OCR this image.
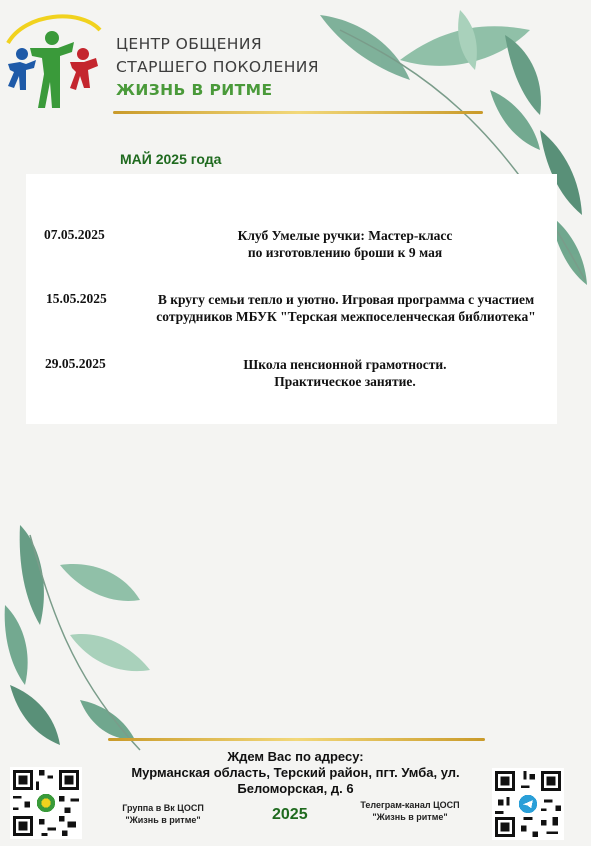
ЦЕНТР ОБЩЕНИЯ
СТАРШЕГО ПОКОЛЕНИЯ
ЖИЗНЬ В РИТМЕ
МАЙ 2025 года
07.05.2025	Клуб Умелые ручки: Мастер-класс
по изготовлению броши к 9 мая
15.05.2025	В кругу семьи тепло и уютно. Игровая программа с участием
сотрудников МБУК "Терская межпоселенческая библиотека"
29.05.2025	Школа пенсионной грамотности.
Практическое занятие.
Ждем Вас по адресу:
Мурманская область, Терский район, пгт. Умба, ул.
Беломорская, д. 6
Группа в Вк ЦОСП
"Жизнь в ритме"	2025
Телеграм-канал ЦОСП
"Жизнь в ритме"
